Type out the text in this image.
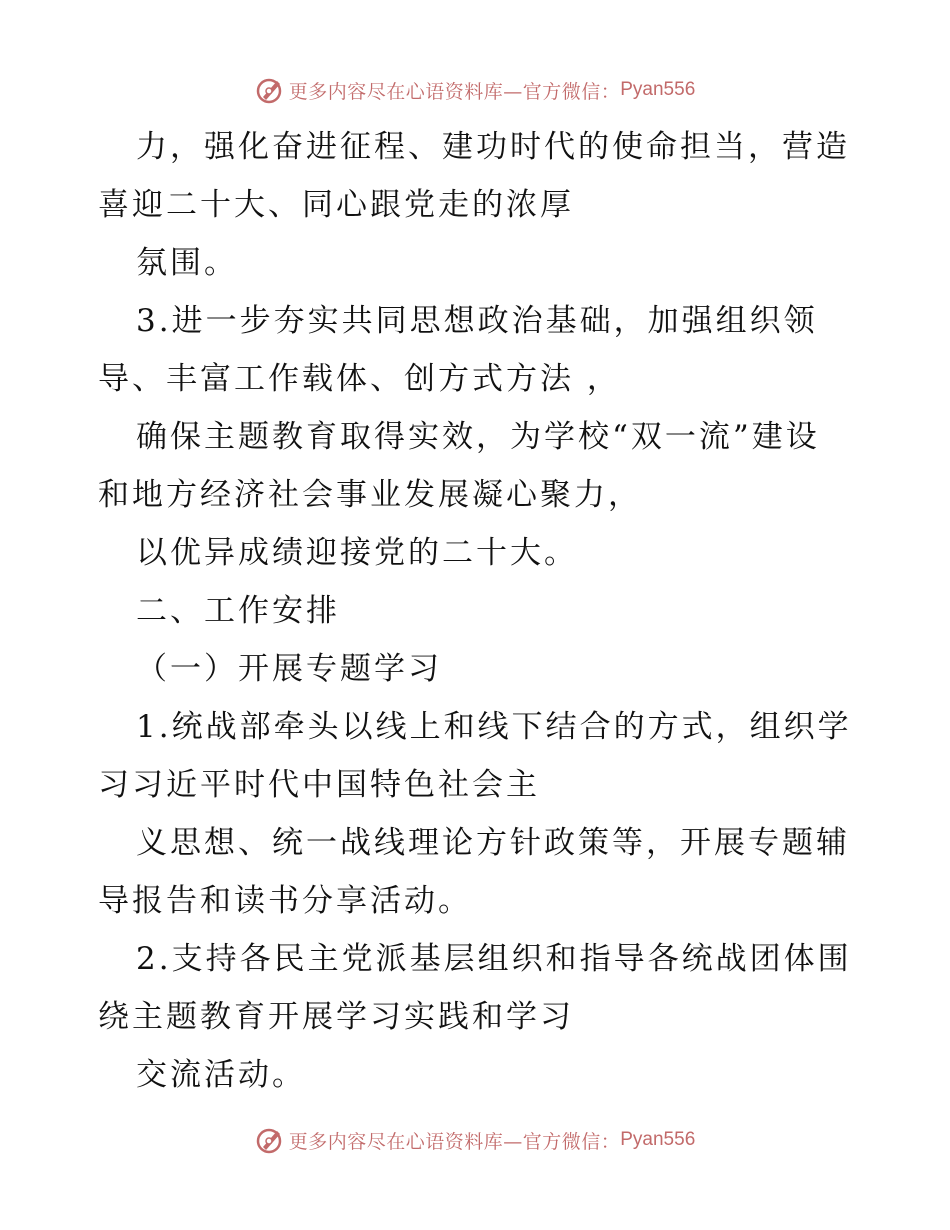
更多内容尽在心语资料库—官方微信： Pyan556
力，强化奋进征程、建功时代的使命担当，营造
喜迎二十大、同心跟党走的浓厚
氛围。
3.进一步夯实共同思想政治基础，加强组织领
导、丰富工作载体、创方式方法 ，
确保主题教育取得实效，为学校“双一流”建设
和地方经济社会事业发展凝心聚力，
以优异成绩迎接党的二十大。
二、工作安排
（一）开展专题学习
1.统战部牵头以线上和线下结合的方式，组织学
习习近平时代中国特色社会主
义思想、统一战线理论方针政策等，开展专题辅
导报告和读书分享活动。
2.支持各民主党派基层组织和指导各统战团体围
绕主题教育开展学习实践和学习
交流活动。
更多内容尽在心语资料库—官方微信： Pyan556
